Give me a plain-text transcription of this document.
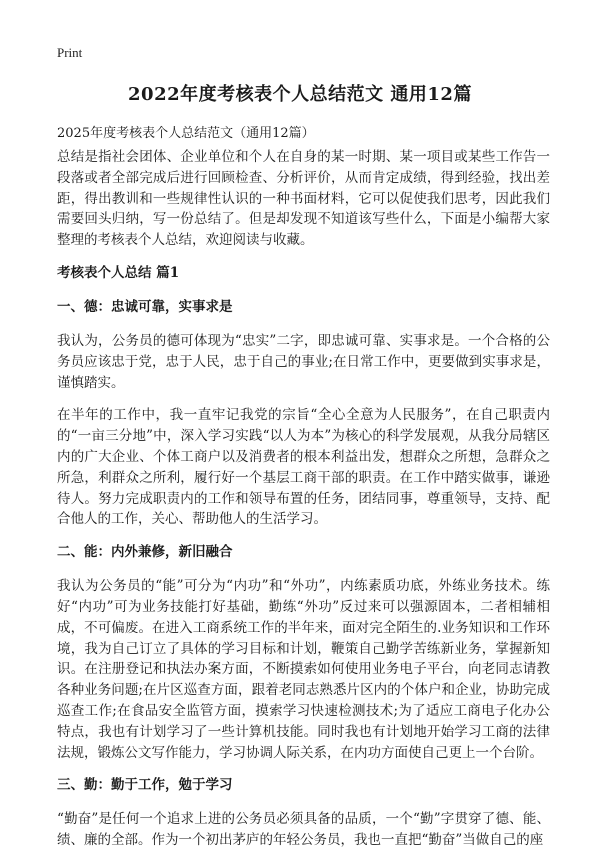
Print
2022年度考核表个人总结范文 通用12篇
2025年度考核表个人总结范文（通用12篇）

总结是指社会团体、企业单位和个人在自身的某一时期、某一项目或某些工作告一段落或者全部完成后进行回顾检查、分析评价，从而肯定成绩，得到经验，找出差距，得出教训和一些规律性认识的一种书面材料，它可以促使我们思考，因此我们需要回头归纳，写一份总结了。但是却发现不知道该写些什么，下面是小编帮大家整理的考核表个人总结，欢迎阅读与收藏。

考核表个人总结 篇1
一、德：忠诚可靠，实事求是

我认为，公务员的德可体现为“忠实”二字，即忠诚可靠、实事求是。一个合格的公务员应该忠于党，忠于人民，忠于自己的事业;在日常工作中，更要做到实事求是，谨慎踏实。

在半年的工作中，我一直牢记我党的宗旨“全心全意为人民服务”，在自己职责内的“一亩三分地”中，深入学习实践“以人为本”为核心的科学发展观，从我分局辖区内的广大企业、个体工商户以及消费者的根本利益出发，想群众之所想，急群众之所急，利群众之所利，履行好一个基层工商干部的职责。在工作中踏实做事，谦逊待人。努力完成职责内的工作和领导布置的任务，团结同事，尊重领导，支持、配合他人的工作，关心、帮助他人的生活学习。

二、能：内外兼修，新旧融合

我认为公务员的“能”可分为“内功”和“外功”，内练素质功底，外练业务技术。练好“内功”可为业务技能打好基础，勤练“外功”反过来可以强源固本，二者相辅相成，不可偏废。在进入工商系统工作的半年来，面对完全陌生的.业务知识和工作环境，我为自己订立了具体的学习目标和计划，鞭策自己勤学苦练新业务，掌握新知识。在注册登记和执法办案方面，不断摸索如何使用业务电子平台，向老同志请教各种业务问题;在片区巡查方面，跟着老同志熟悉片区内的个体户和企业，协助完成巡查工作;在食品安全监管方面，摸索学习快速检测技术;为了适应工商电子化办公特点，我也有计划学习了一些计算机技能。同时我也有计划地开始学习工商的法律法规，锻炼公文写作能力，学习协调人际关系，在内功方面使自己更上一个台阶。

三、勤：勤于工作，勉于学习

“勤奋”是任何一个追求上进的公务员必须具备的品质，一个“勤”字贯穿了德、能、绩、廉的全部。作为一个初出茅庐的年轻公务员，我也一直把“勤奋”当做自己的座
